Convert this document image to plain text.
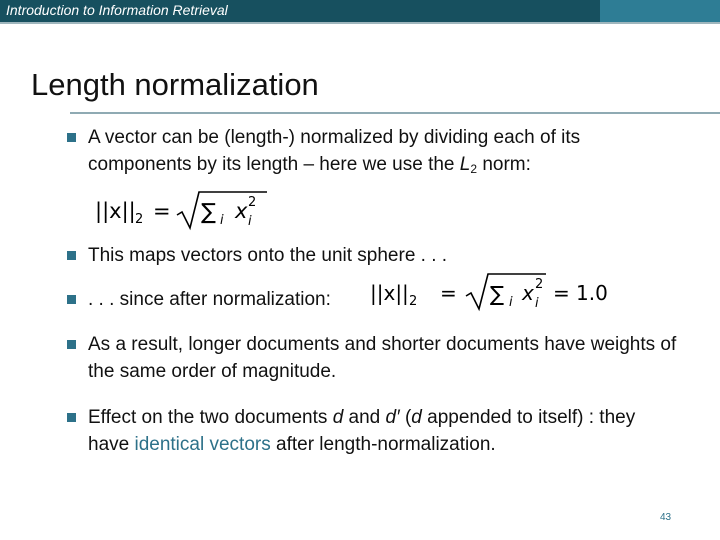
Introduction to Information Retrieval
Length normalization
A vector can be (length-) normalized by dividing each of its components by its length – here we use the $L_2$ norm:
||x|| 2 = ∑ i x i
2
This maps vectors onto the unit sphere . . .
. . . since after normalization:	||x|| 2 = ∑ i x i
2 = 1.0
As a result, longer documents and shorter documents have weights of the same order of magnitude.
Effect on the two documents d and d′ (d appended to itself) : they have identical vectors after length-normalization.
43
